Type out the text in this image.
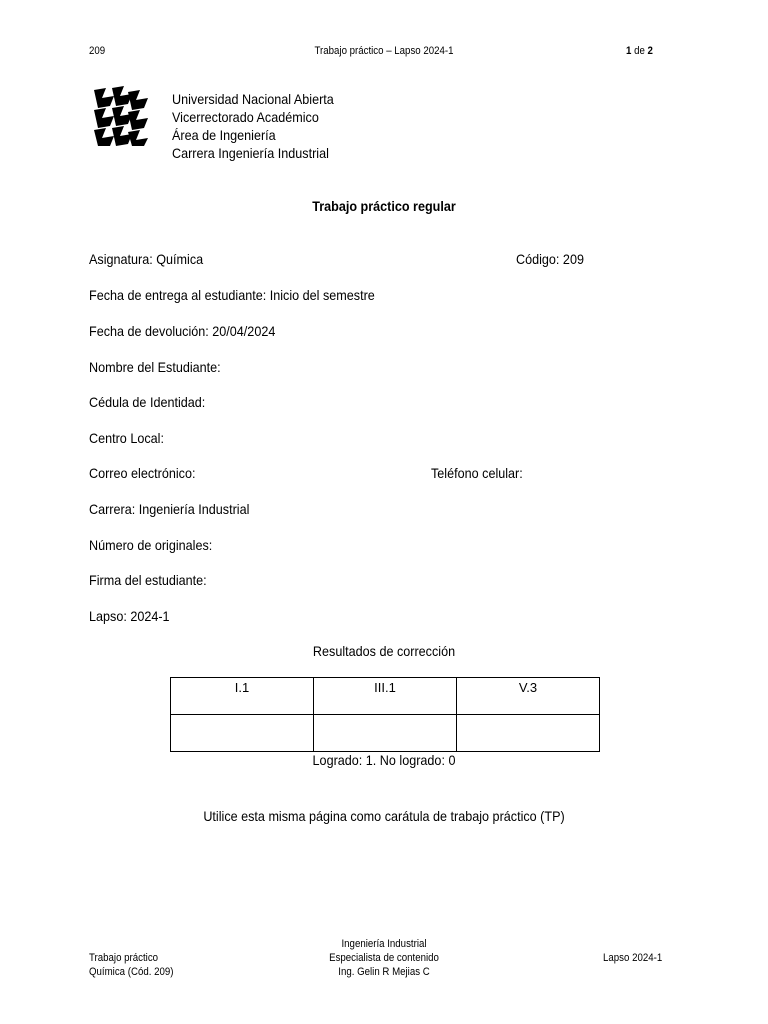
209	Trabajo práctico – Lapso 2024-1	1 de 2
Universidad Nacional Abierta
Vicerrectorado Académico
Área de Ingeniería
Carrera Ingeniería Industrial
Trabajo práctico regular
Asignatura: Química	Código: 209
Fecha de entrega al estudiante: Inicio del semestre
Fecha de devolución: 20/04/2024
Nombre del Estudiante:
Cédula de Identidad:
Centro Local:
Correo electrónico:	Teléfono celular:
Carrera: Ingeniería Industrial
Número de originales:
Firma del estudiante:
Lapso: 2024-1
Resultados de corrección
I.1	III.1	V.3

Logrado: 1. No logrado: 0
Utilice esta misma página como carátula de trabajo práctico (TP)
Trabajo práctico
Química (Cód. 209)
Ingeniería Industrial
Especialista de contenido
Ing. Gelin R Mejias C
Lapso 2024-1
